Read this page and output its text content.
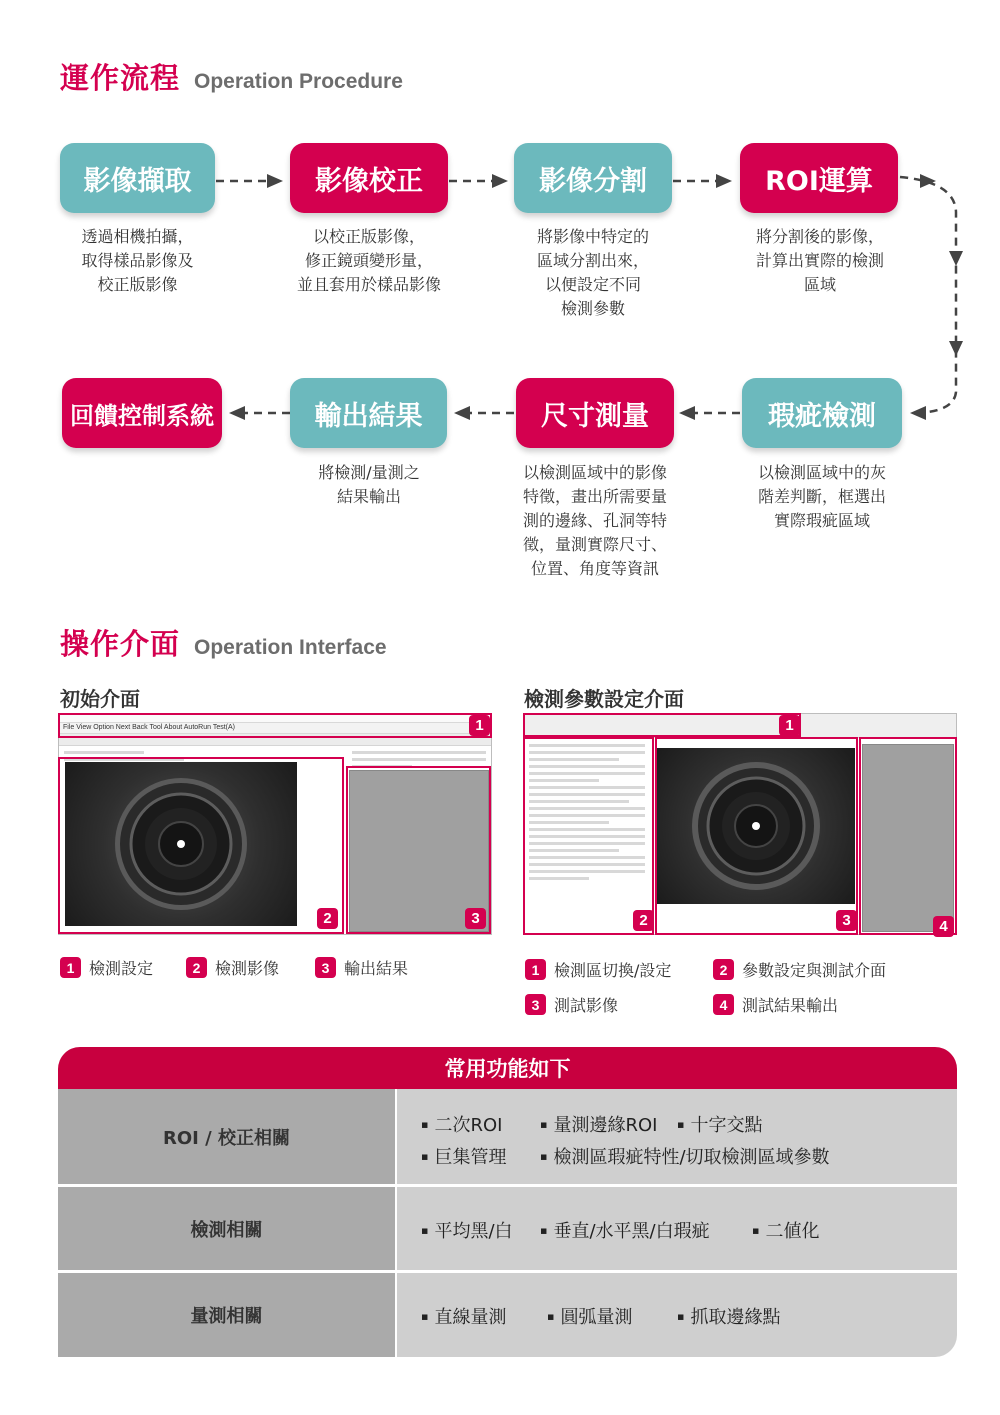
運作流程 Operation Procedure
影像擷取	影像校正	影像分割	ROI運算
瑕疵檢測
尺寸測量
輸出結果
回饋控制系統
透過相機拍攝，
取得樣品影像及
校正版影像
以校正版影像，
修正鏡頭變形量，
並且套用於樣品影像
將影像中特定的
區域分割出來，
以便設定不同
檢測參數
將分割後的影像，
計算出實際的檢測
區域
以檢測區域中的灰
階差判斷，框選出
實際瑕疵區域
以檢測區域中的影像
特徵，畫出所需要量
測的邊緣、孔洞等特
徵，量測實際尺寸、
位置、角度等資訊
將檢測/量測之
結果輸出
操作介面 Operation Interface
初始介面	檢測參數設定介面
File View Option Next Back Tool About AutoRun Test(A)	1
2	3
1
2	3	4
1 檢測設定	2 檢測影像	3 輸出結果	1 檢測區切換/設定	2 參數設定與測試介面
3 測試影像	4 測試結果輸出
常用功能如下
ROI / 校正相關
▪ 二次ROI	▪ 量測邊緣ROI	▪ 十字交點
▪ 巨集管理	▪ 檢測區瑕疵特性/切取檢測區域參數
檢測相關	▪ 平均黑/白	▪ 垂直/水平黑/白瑕疵	▪ 二値化
量測相關	▪ 直線量測	▪ 圓弧量測	▪ 抓取邊緣點
